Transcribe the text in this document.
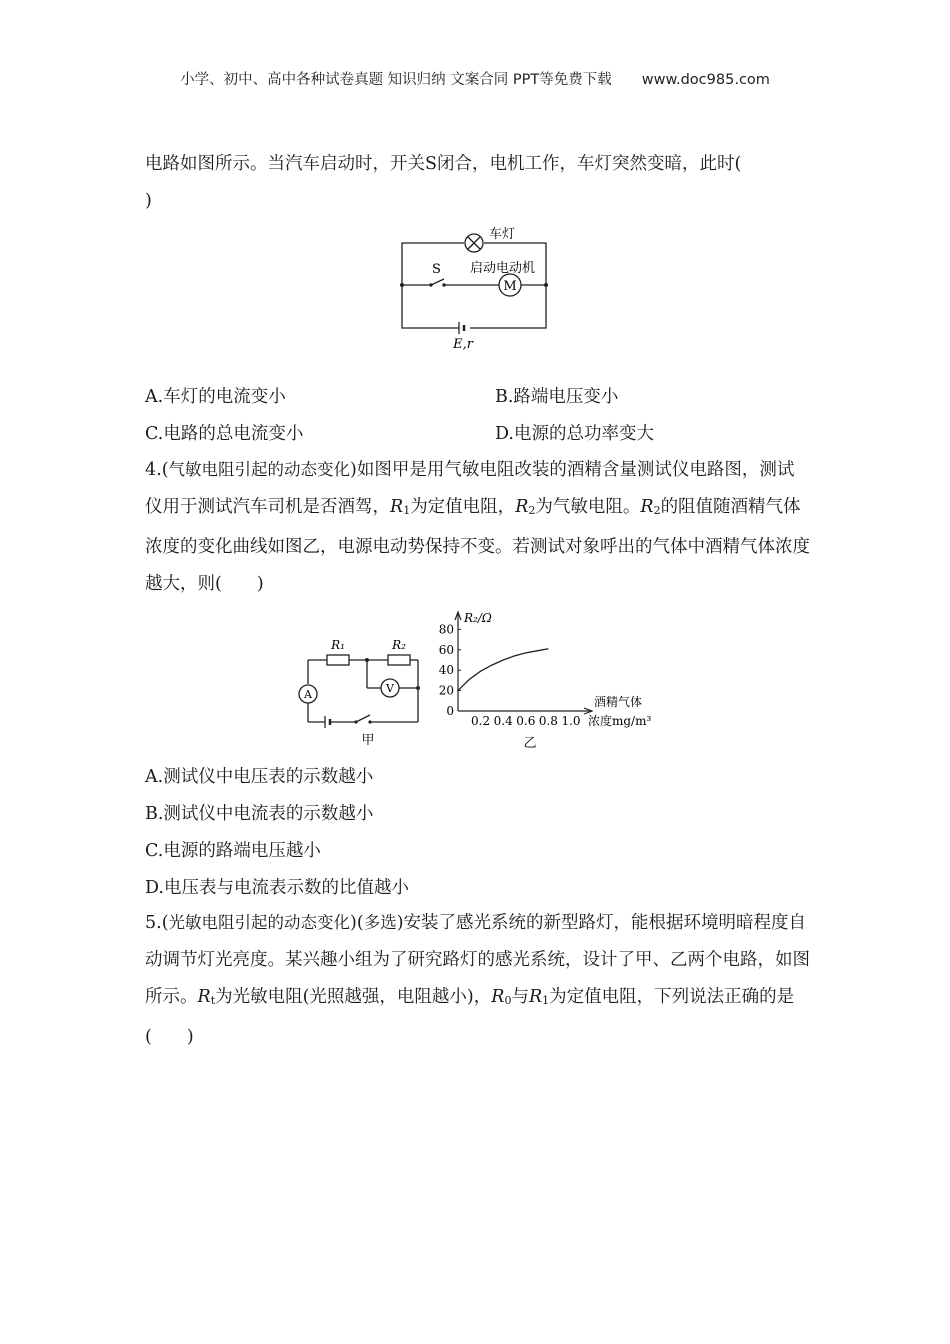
小学、初中、高中各种试卷真题 知识归纳 文案合同 PPT等免费下载 www.doc985.com
电路如图所示。当汽车启动时，开关S闭合，电机工作，车灯突然变暗，此时(
)
车灯
S 启动电动机
M
E,r
A.车灯的电流变小	B.路端电压变小
C.电路的总电流变小	D.电源的总功率变大
4.(气敏电阻引起的动态变化)如图甲是用气敏电阻改装的酒精含量测试仪电路图，测试仪用于测试汽车司机是否酒驾，R1为定值电阻，R2为气敏电阻。R2的阻值随酒精气体浓度的变化曲线如图乙，电源电动势保持不变。若测试对象呼出的气体中酒精气体浓度越大，则(　　)
R₁	R₂
A	V
甲
R₂/Ω
酒精气体
浓度mg/m³
乙
0
20
40
60
80
0.2 0.4 0.6 0.8 1.0
A.测试仪中电压表的示数越小
B.测试仪中电流表的示数越小
C.电源的路端电压越小
D.电压表与电流表示数的比值越小
5.(光敏电阻引起的动态变化)(多选)安装了感光系统的新型路灯，能根据环境明暗程度自动调节灯光亮度。某兴趣小组为了研究路灯的感光系统，设计了甲、乙两个电路，如图所示。Rt为光敏电阻(光照越强，电阻越小)，R0与R1为定值电阻，下列说法正确的是(　　)
